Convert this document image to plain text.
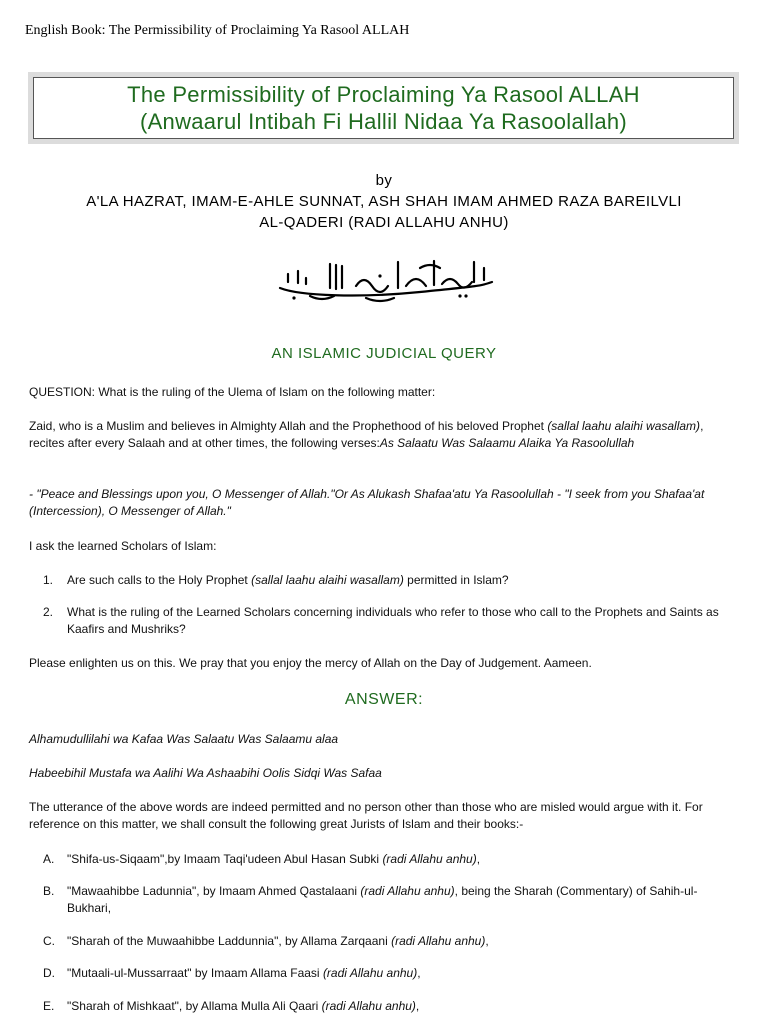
English Book: The Permissibility of Proclaiming Ya Rasool ALLAH
The Permissibility of Proclaiming Ya Rasool ALLAH
(Anwaarul Intibah Fi Hallil Nidaa Ya Rasoolallah)
by
A'LA HAZRAT, IMAM-E-AHLE SUNNAT, ASH SHAH IMAM AHMED RAZA BAREILVLI
AL-QADERI (RADI ALLAHU ANHU)
AN ISLAMIC JUDICIAL QUERY
QUESTION: What is the ruling of the Ulema of Islam on the following matter:
Zaid, who is a Muslim and believes in Almighty Allah and the Prophethood of his beloved Prophet (sallal laahu alaihi wasallam), recites after every Salaah and at other times, the following verses:As Salaatu Was Salaamu Alaika Ya Rasoolullah
- "Peace and Blessings upon you, O Messenger of Allah."Or As Alukash Shafaa'atu Ya Rasoolullah - "I seek from you Shafaa'at (Intercession), O Messenger of Allah."
I ask the learned Scholars of Islam:
1.	Are such calls to the Holy Prophet (sallal laahu alaihi wasallam) permitted in Islam?
2.	What is the ruling of the Learned Scholars concerning individuals who refer to those who call to the Prophets and Saints as Kaafirs and Mushriks?
Please enlighten us on this. We pray that you enjoy the mercy of Allah on the Day of Judgement. Aameen.
ANSWER:
Alhamudullilahi wa Kafaa Was Salaatu Was Salaamu alaa
Habeebihil Mustafa wa Aalihi Wa Ashaabihi Oolis Sidqi Was Safaa
The utterance of the above words are indeed permitted and no person other than those who are misled would argue with it. For reference on this matter, we shall consult the following great Jurists of Islam and their books:-
A.	"Shifa-us-Siqaam",by Imaam Taqi'udeen Abul Hasan Subki (radi Allahu anhu),
B.	"Mawaahibbe Ladunnia", by Imaam Ahmed Qastalaani (radi Allahu anhu), being the Sharah (Commentary) of Sahih-ul-Bukhari,
C.	"Sharah of the Muwaahibbe Laddunnia", by Allama Zarqaani (radi Allahu anhu),
D.	"Mutaali-ul-Mussarraat" by Imaam Allama Faasi (radi Allahu anhu),
E.	"Sharah of Mishkaat", by Allama Mulla Ali Qaari (radi Allahu anhu),
